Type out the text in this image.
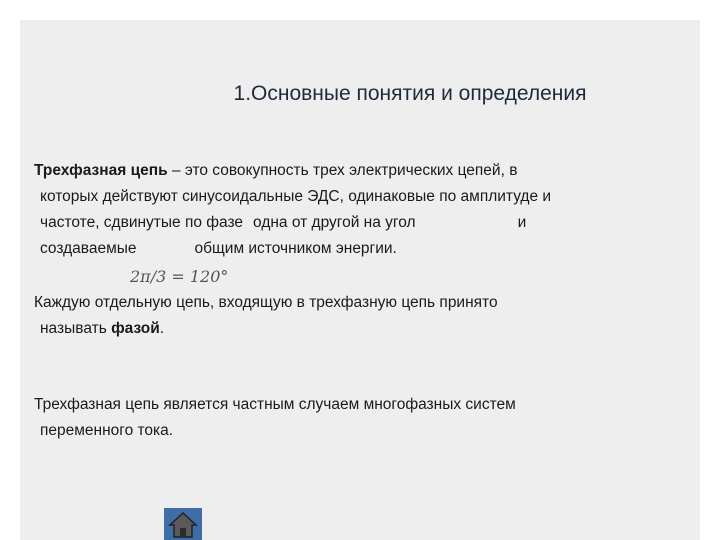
1.Основные понятия и определения
Трехфазная цепь – это совокупность трех электрических цепей, в
которых действуют синусоидальные ЭДС, одинаковые по амплитуде и
частоте, сдвинутые по фазе одна от другой на угол	и
создаваемые	общим источником энергии.
2π/3 = 120°
Каждую отдельную цепь, входящую в трехфазную цепь принято
называть фазой.
Трехфазная цепь является частным случаем многофазных систем
переменного тока.
